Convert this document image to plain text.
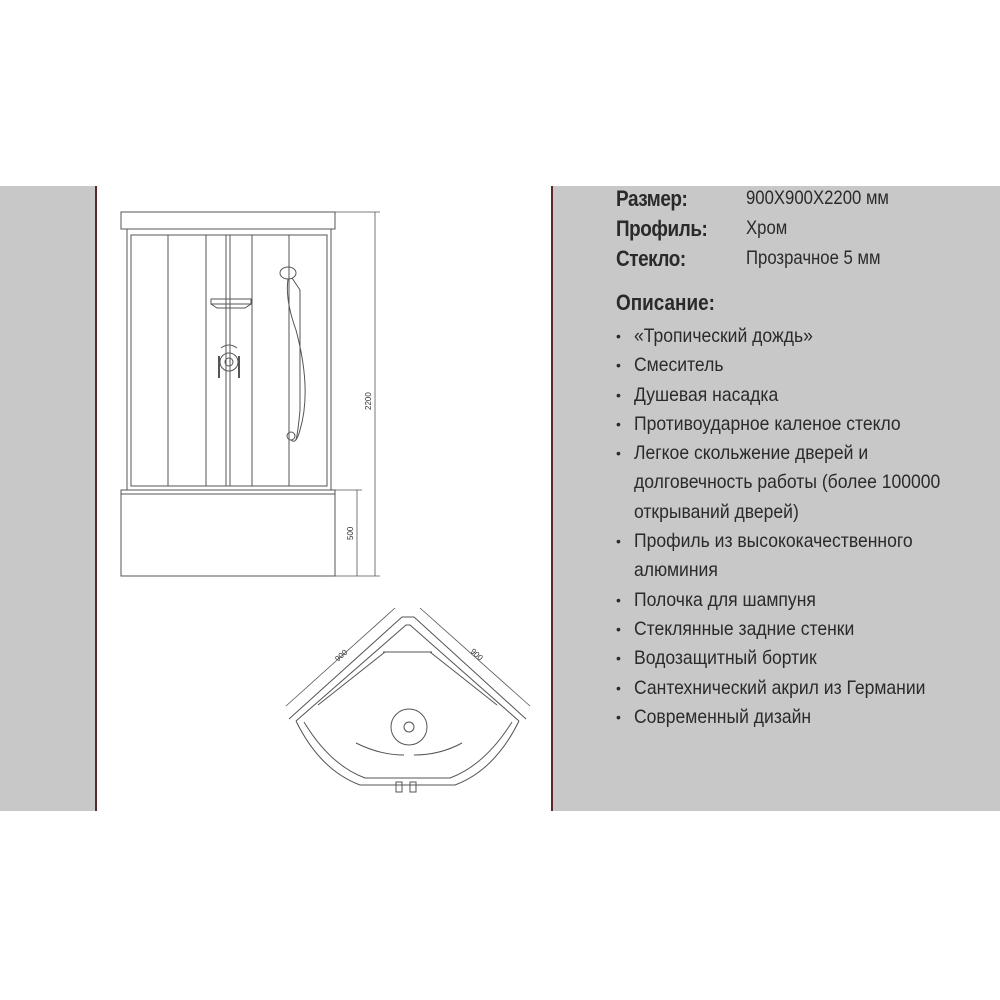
2200
500
900	900
Размер:	900X900X2200 мм
Профиль: Хром
Стекло:	Прозрачное 5 мм
Описание:
• «Тропический дождь»
• Смеситель
• Душевая насадка
• Противоударное каленое стекло
• Легкое скольжение дверей и долговечность работы (более 100000 открываний дверей)
• Профиль из высококачественного алюминия
• Полочка для шампуня
• Стеклянные задние стенки
• Водозащитный бортик
• Сантехнический акрил из Германии
• Современный дизайн
